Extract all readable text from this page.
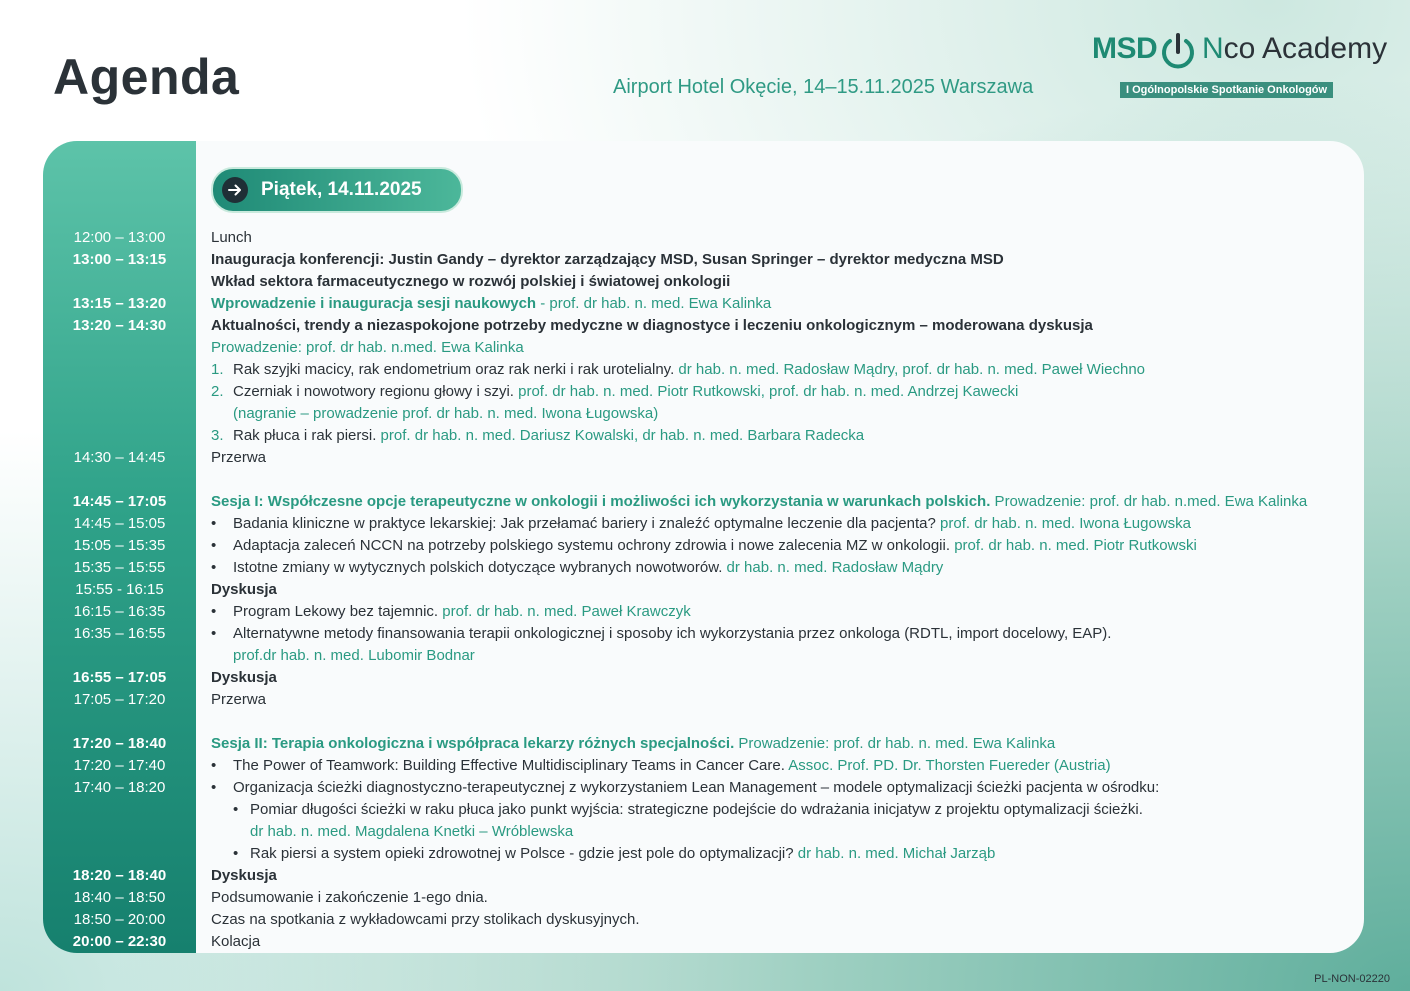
Agenda	Airport Hotel Okęcie, 14–15.11.2025 Warszawa
MSD Nco Academy
I Ogólnopolskie Spotkanie Onkologów
Piątek, 14.11.2025
12:00 – 13:00	Lunch
13:00 – 13:15	Inauguracja konferencji: Justin Gandy – dyrektor zarządzający MSD, Susan Springer – dyrektor medyczna MSD
Wkład sektora farmaceutycznego w rozwój polskiej i światowej onkologii
13:15 – 13:20	Wprowadzenie i inauguracja sesji naukowych - prof. dr hab. n. med. Ewa Kalinka
13:20 – 14:30	Aktualności, trendy a niezaspokojone potrzeby medyczne w diagnostyce i leczeniu onkologicznym – moderowana dyskusja
Prowadzenie: prof. dr hab. n.med. Ewa Kalinka
1. Rak szyjki macicy, rak endometrium oraz rak nerki i rak urotelialny. dr hab. n. med. Radosław Mądry, prof. dr hab. n. med. Paweł Wiechno
2. Czerniak i nowotwory regionu głowy i szyi. prof. dr hab. n. med. Piotr Rutkowski, prof. dr hab. n. med. Andrzej Kawecki
(nagranie – prowadzenie prof. dr hab. n. med. Iwona Ługowska)
3. Rak płuca i rak piersi. prof. dr hab. n. med. Dariusz Kowalski, dr hab. n. med. Barbara Radecka
14:30 – 14:45	Przerwa
14:45 – 17:05	Sesja I: Współczesne opcje terapeutyczne w onkologii i możliwości ich wykorzystania w warunkach polskich. Prowadzenie: prof. dr hab. n.med. Ewa Kalinka
14:45 – 15:05	• Badania kliniczne w praktyce lekarskiej: Jak przełamać bariery i znaleźć optymalne leczenie dla pacjenta? prof. dr hab. n. med. Iwona Ługowska
15:05 – 15:35	• Adaptacja zaleceń NCCN na potrzeby polskiego systemu ochrony zdrowia i nowe zalecenia MZ w onkologii. prof. dr hab. n. med. Piotr Rutkowski
15:35 – 15:55	• Istotne zmiany w wytycznych polskich dotyczące wybranych nowotworów. dr hab. n. med. Radosław Mądry
15:55 - 16:15	Dyskusja
16:15 – 16:35	• Program Lekowy bez tajemnic. prof. dr hab. n. med. Paweł Krawczyk
16:35 – 16:55	• Alternatywne metody finansowania terapii onkologicznej i sposoby ich wykorzystania przez onkologa (RDTL, import docelowy, EAP).
prof.dr hab. n. med. Lubomir Bodnar
16:55 – 17:05	Dyskusja
17:05 – 17:20	Przerwa
17:20 – 18:40	Sesja II: Terapia onkologiczna i współpraca lekarzy różnych specjalności. Prowadzenie: prof. dr hab. n. med. Ewa Kalinka
17:20 – 17:40	• The Power of Teamwork: Building Effective Multidisciplinary Teams in Cancer Care. Assoc. Prof. PD. Dr. Thorsten Fuereder (Austria)
17:40 – 18:20	• Organizacja ścieżki diagnostyczno-terapeutycznej z wykorzystaniem Lean Management – modele optymalizacji ścieżki pacjenta w ośrodku:
• Pomiar długości ścieżki w raku płuca jako punkt wyjścia: strategiczne podejście do wdrażania inicjatyw z projektu optymalizacji ścieżki.
dr hab. n. med. Magdalena Knetki – Wróblewska
• Rak piersi a system opieki zdrowotnej w Polsce - gdzie jest pole do optymalizacji? dr hab. n. med. Michał Jarząb
18:20 – 18:40	Dyskusja
18:40 – 18:50	Podsumowanie i zakończenie 1-ego dnia.
18:50 – 20:00	Czas na spotkania z wykładowcami przy stolikach dyskusyjnych.
20:00 – 22:30	Kolacja
PL-NON-02220
